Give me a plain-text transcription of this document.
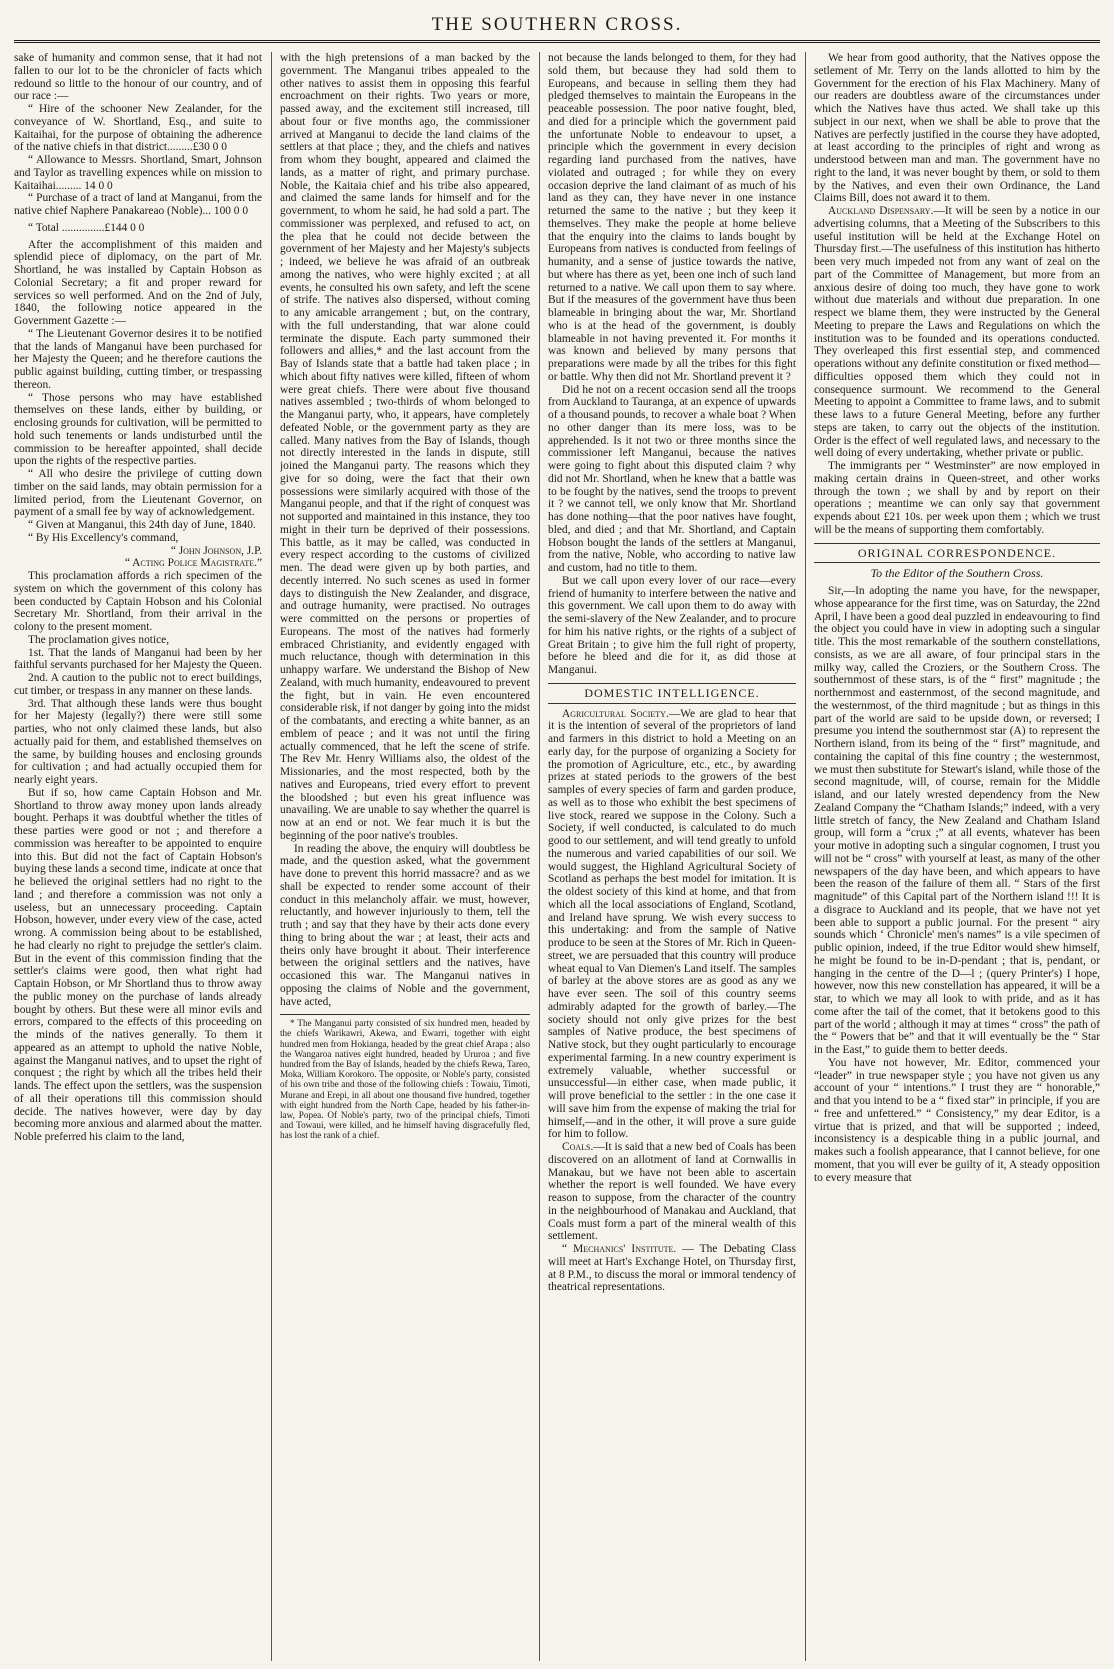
THE SOUTHERN CROSS.

sake of humanity and common sense, that it had not fallen to our lot to be the chronicler of facts which redound so little to the honour of our country, and of our race :—

“ Hire of the schooner New Zealander, for the conveyance of W. Shortland, Esq., and suite to Kaitaihai, for the purpose of obtaining the adherence of the native chiefs in that district.........£30 0 0

“ Allowance to Messrs. Shortland, Smart, Johnson and Taylor as travelling expences while on mission to Kaitaihai......... 14 0 0

“ Purchase of a tract of land at Manganui, from the native chief Naphere Panakareao (Noble)... 100 0 0

“ Total ...............£144 0 0

After the accomplishment of this maiden and splendid piece of diplomacy, on the part of Mr. Shortland, he was installed by Captain Hobson as Colonial Secretary; a fit and proper reward for services so well performed. And on the 2nd of July, 1840, the following notice appeared in the Government Gazette :—

“ The Lieutenant Governor desires it to be notified that the lands of Manganui have been purchased for her Majesty the Queen; and he therefore cautions the public against building, cutting timber, or trespassing thereon.

“ Those persons who may have established themselves on these lands, either by building, or enclosing grounds for cultivation, will be permitted to hold such tenements or lands undisturbed until the commission to be hereafter appointed, shall decide upon the rights of the respective parties.

“ All who desire the privilege of cutting down timber on the said lands, may obtain permission for a limited period, from the Lieutenant Governor, on payment of a small fee by way of acknowledgement.

“ Given at Manganui, this 24th day of June, 1840.

“ By His Excellency's command,

“ John Johnson, J.P.

“ Acting Police Magistrate.”

This proclamation affords a rich specimen of the system on which the government of this colony has been conducted by Captain Hobson and his Colonial Secretary Mr. Shortland, from their arrival in the colony to the present moment.

The proclamation gives notice,

1st. That the lands of Manganui had been by her faithful servants purchased for her Majesty the Queen.

2nd. A caution to the public not to erect buildings, cut timber, or trespass in any manner on these lands.

3rd. That although these lands were thus bought for her Majesty (legally?) there were still some parties, who not only claimed these lands, but also actually paid for them, and established themselves on the same, by building houses and enclosing grounds for cultivation ; and had actually occupied them for nearly eight years.

But if so, how came Captain Hobson and Mr. Shortland to throw away money upon lands already bought. Perhaps it was doubtful whether the titles of these parties were good or not ; and therefore a commission was hereafter to be appointed to enquire into this. But did not the fact of Captain Hobson's buying these lands a second time, indicate at once that he believed the original settlers had no right to the land ; and therefore a commission was not only a useless, but an unnecessary proceeding. Captain Hobson, however, under every view of the case, acted wrong. A commission being about to be established, he had clearly no right to prejudge the settler's claim. But in the event of this commission finding that the settler's claims were good, then what right had Captain Hobson, or Mr Shortland thus to throw away the public money on the purchase of lands already bought by others. But these were all minor evils and errors, compared to the effects of this proceeding on the minds of the natives generally. To them it appeared as an attempt to uphold the native Noble, against the Manganui natives, and to upset the right of conquest ; the right by which all the tribes held their lands. The effect upon the settlers, was the suspension of all their operations till this commission should decide. The natives however, were day by day becoming more anxious and alarmed about the matter. Noble preferred his claim to the land,

with the high pretensions of a man backed by the government. The Manganui tribes appealed to the other natives to assist them in opposing this fearful encroachment on their rights. Two years or more, passed away, and the excitement still increased, till about four or five months ago, the commissioner arrived at Manganui to decide the land claims of the settlers at that place ; they, and the chiefs and natives from whom they bought, appeared and claimed the lands, as a matter of right, and primary purchase. Noble, the Kaitaia chief and his tribe also appeared, and claimed the same lands for himself and for the government, to whom he said, he had sold a part. The commissioner was perplexed, and refused to act, on the plea that he could not decide between the government of her Majesty and her Majesty's subjects ; indeed, we believe he was afraid of an outbreak among the natives, who were highly excited ; at all events, he consulted his own safety, and left the scene of strife. The natives also dispersed, without coming to any amicable arrangement ; but, on the contrary, with the full understanding, that war alone could terminate the dispute. Each party summoned their followers and allies,* and the last account from the Bay of Islands state that a battle had taken place ; in which about fifty natives were killed, fifteen of whom were great chiefs. There were about five thousand natives assembled ; two-thirds of whom belonged to the Manganui party, who, it appears, have completely defeated Noble, or the government party as they are called. Many natives from the Bay of Islands, though not directly interested in the lands in dispute, still joined the Manganui party. The reasons which they give for so doing, were the fact that their own possessions were similarly acquired with those of the Manganui people, and that if the right of conquest was not supported and maintained in this instance, they too might in their turn be deprived of their possessions. This battle, as it may be called, was conducted in every respect according to the customs of civilized men. The dead were given up by both parties, and decently interred. No such scenes as used in former days to distinguish the New Zealander, and disgrace, and outrage humanity, were practised. No outrages were committed on the persons or properties of Europeans. The most of the natives had formerly embraced Christianity, and evidently engaged with much reluctance, though with determination in this unhappy warfare. We understand the Bishop of New Zealand, with much humanity, endeavoured to prevent the fight, but in vain. He even encountered considerable risk, if not danger by going into the midst of the combatants, and erecting a white banner, as an emblem of peace ; and it was not until the firing actually commenced, that he left the scene of strife. The Rev Mr. Henry Williams also, the oldest of the Missionaries, and the most respected, both by the natives and Europeans, tried every effort to prevent the bloodshed ; but even his great influence was unavailing. We are unable to say whether the quarrel is now at an end or not. We fear much it is but the beginning of the poor native's troubles.

In reading the above, the enquiry will doubtless be made, and the question asked, what the government have done to prevent this horrid massacre? and as we shall be expected to render some account of their conduct in this melancholy affair. we must, however, reluctantly, and however injuriously to them, tell the truth ; and say that they have by their acts done every thing to bring about the war ; at least, their acts and theirs only have brought it about. Their interference between the original settlers and the natives, have occasioned this war. The Manganui natives in opposing the claims of Noble and the government, have acted,

* The Manganui party consisted of six hundred men, headed by the chiefs Warikawri, Akewa, and Ewarri, together with eight hundred men from Hokianga, headed by the great chief Arapa ; also the Wangaroa natives eight hundred, headed by Ururoa ; and five hundred from the Bay of Islands, headed by the chiefs Rewa, Tareo, Moka, William Korokoro. The opposite, or Noble's party, consisted of his own tribe and those of the following chiefs : Towaiu, Timoti, Murane and Erepi, in all about one thousand five hundred, together with eight hundred from the North Cape, headed by his father-in-law, Popea. Of Noble's party, two of the principal chiefs, Timoti and Towaui, were killed, and he himself having disgracefully fled, has lost the rank of a chief.

not because the lands belonged to them, for they had sold them, but because they had sold them to Europeans, and because in selling them they had pledged themselves to maintain the Europeans in the peaceable possession. The poor native fought, bled, and died for a principle which the government paid the unfortunate Noble to endeavour to upset, a principle which the government in every decision regarding land purchased from the natives, have violated and outraged ; for while they on every occasion deprive the land claimant of as much of his land as they can, they have never in one instance returned the same to the native ; but they keep it themselves. They make the people at home believe that the enquiry into the claims to lands bought by Europeans from natives is conducted from feelings of humanity, and a sense of justice towards the native, but where has there as yet, been one inch of such land returned to a native. We call upon them to say where. But if the measures of the government have thus been blameable in bringing about the war, Mr. Shortland who is at the head of the government, is doubly blameable in not having prevented it. For months it was known and believed by many persons that preparations were made by all the tribes for this fight or battle. Why then did not Mr. Shortland prevent it ?

Did he not on a recent occasion send all the troops from Auckland to Tauranga, at an expence of upwards of a thousand pounds, to recover a whale boat ? When no other danger than its mere loss, was to be apprehended. Is it not two or three months since the commissioner left Manganui, because the natives were going to fight about this disputed claim ? why did not Mr. Shortland, when he knew that a battle was to be fought by the natives, send the troops to prevent it ? we cannot tell, we only know that Mr. Shortland has done nothing—that the poor natives have fought, bled, and died ; and that Mr. Shortland, and Captain Hobson bought the lands of the settlers at Manganui, from the native, Noble, who according to native law and custom, had no title to them.

But we call upon every lover of our race—every friend of humanity to interfere between the native and this government. We call upon them to do away with the semi-slavery of the New Zealander, and to procure for him his native rights, or the rights of a subject of Great Britain ; to give him the full right of property, before he bleed and die for it, as did those at Manganui.

DOMESTIC INTELLIGENCE.

Agricultural Society.—We are glad to hear that it is the intention of several of the proprietors of land and farmers in this district to hold a Meeting on an early day, for the purpose of organizing a Society for the promotion of Agriculture, etc., etc., by awarding prizes at stated periods to the growers of the best samples of every species of farm and garden produce, as well as to those who exhibit the best specimens of live stock, reared we suppose in the Colony. Such a Society, if well conducted, is calculated to do much good to our settlement, and will tend greatly to unfold the numerous and varied capabilities of our soil. We would suggest, the Highland Agricultural Society of Scotland as perhaps the best model for imitation. It is the oldest society of this kind at home, and that from which all the local associations of England, Scotland, and Ireland have sprung. We wish every success to this undertaking: and from the sample of Native produce to be seen at the Stores of Mr. Rich in Queen-street, we are persuaded that this country will produce wheat equal to Van Diemen's Land itself. The samples of barley at the above stores are as good as any we have ever seen. The soil of this country seems admirably adapted for the growth of barley.—The society should not only give prizes for the best samples of Native produce, the best specimens of Native stock, but they ought particularly to encourage experimental farming. In a new country experiment is extremely valuable, whether successful or unsuccessful—in either case, when made public, it will prove beneficial to the settler : in the one case it will save him from the expense of making the trial for himself,—and in the other, it will prove a sure guide for him to follow.

Coals.—It is said that a new bed of Coals has been discovered on an allotment of land at Cornwallis in Manakau, but we have not been able to ascertain whether the report is well founded. We have every reason to suppose, from the character of the country in the neighbourhood of Manakau and Auckland, that Coals must form a part of the mineral wealth of this settlement.

“ Mechanics' Institute. — The Debating Class will meet at Hart's Exchange Hotel, on Thursday first, at 8 P.M., to discuss the moral or immoral tendency of theatrical representations.

We hear from good authority, that the Natives oppose the setlement of Mr. Terry on the lands allotted to him by the Government for the erection of his Flax Machinery. Many of our readers are doubtless aware of the circumstances under which the Natives have thus acted. We shall take up this subject in our next, when we shall be able to prove that the Natives are perfectly justified in the course they have adopted, at least according to the principles of right and wrong as understood between man and man. The government have no right to the land, it was never bought by them, or sold to them by the Natives, and even their own Ordinance, the Land Claims Bill, does not award it to them.

Auckland Dispensary.—It will be seen by a notice in our advertising columns, that a Meeting of the Subscribers to this useful institution will be held at the Exchange Hotel on Thursday first.—The usefulness of this institution has hitherto been very much impeded not from any want of zeal on the part of the Committee of Management, but more from an anxious desire of doing too much, they have gone to work without due materials and without due preparation. In one respect we blame them, they were instructed by the General Meeting to prepare the Laws and Regulations on which the institution was to be founded and its operations conducted. They overleaped this first essential step, and commenced operations without any definite constitution or fixed method—difficulties opposed them which they could not in consequence surmount. We recommend to the General Meeting to appoint a Committee to frame laws, and to submit these laws to a future General Meeting, before any further steps are taken, to carry out the objects of the institution. Order is the effect of well regulated laws, and necessary to the well doing of every undertaking, whether private or public.

The immigrants per “ Westminster” are now employed in making certain drains in Queen-street, and other works through the town ; we shall by and by report on their operations ; meantime we can only say that government expends about £21 10s. per week upon them ; which we trust will be the means of supporting them comfortably.

ORIGINAL CORRESPONDENCE.
To the Editor of the Southern Cross.

Sir,—In adopting the name you have, for the newspaper, whose appearance for the first time, was on Saturday, the 22nd April, I have been a good deal puzzled in endeavouring to find the object you could have in view in adopting such a singular title. This the most remarkable of the southern constellations, consists, as we are all aware, of four principal stars in the milky way, called the Croziers, or the Southern Cross. The southernmost of these stars, is of the “ first” magnitude ; the northernmost and easternmost, of the second magnitude, and the westernmost, of the third magnitude ; but as things in this part of the world are said to be upside down, or reversed; I presume you intend the southernmost star (A) to represent the Northern island, from its being of the “ first” magnitude, and containing the capital of this fine country ; the westernmost, we must then substitute for Stewart's island, while those of the second magnitude, will, of course, remain for the Middle island, and our lately wrested dependency from the New Zealand Company the “Chatham Islands;” indeed, with a very little stretch of fancy, the New Zealand and Chatham Island group, will form a “crux ;” at all events, whatever has been your motive in adopting such a singular cognomen, I trust you will not be “ cross” with yourself at least, as many of the other newspapers of the day have been, and which appears to have been the reason of the failure of them all. “ Stars of the first magnitude” of this Capital part of the Northern island !!! It is a disgrace to Auckland and its people, that we have not yet been able to support a public journal. For the present “ airy sounds which ‘ Chronicle' men's names” is a vile specimen of public opinion, indeed, if the true Editor would shew himself, he might be found to be in-D-pendant ; that is, pendant, or hanging in the centre of the D—l ; (query Printer's) I hope, however, now this new constellation has appeared, it will be a star, to which we may all look to with pride, and as it has come after the tail of the comet, that it betokens good to this part of the world ; although it may at times “ cross” the path of the “ Powers that be” and that it will eventually be the “ Star in the East,” to guide them to better deeds.

You have not however, Mr. Editor, commenced your “leader” in true newspaper style ; you have not given us any account of your “ intentions.” I trust they are “ honorable,” and that you intend to be a “ fixed star” in principle, if you are “ free and unfettered.” “ Consistency,” my dear Editor, is a virtue that is prized, and that will be supported ; indeed, inconsistency is a despicable thing in a public journal, and makes such a foolish appearance, that I cannot believe, for one moment, that you will ever be guilty of it, A steady opposition to every measure that
